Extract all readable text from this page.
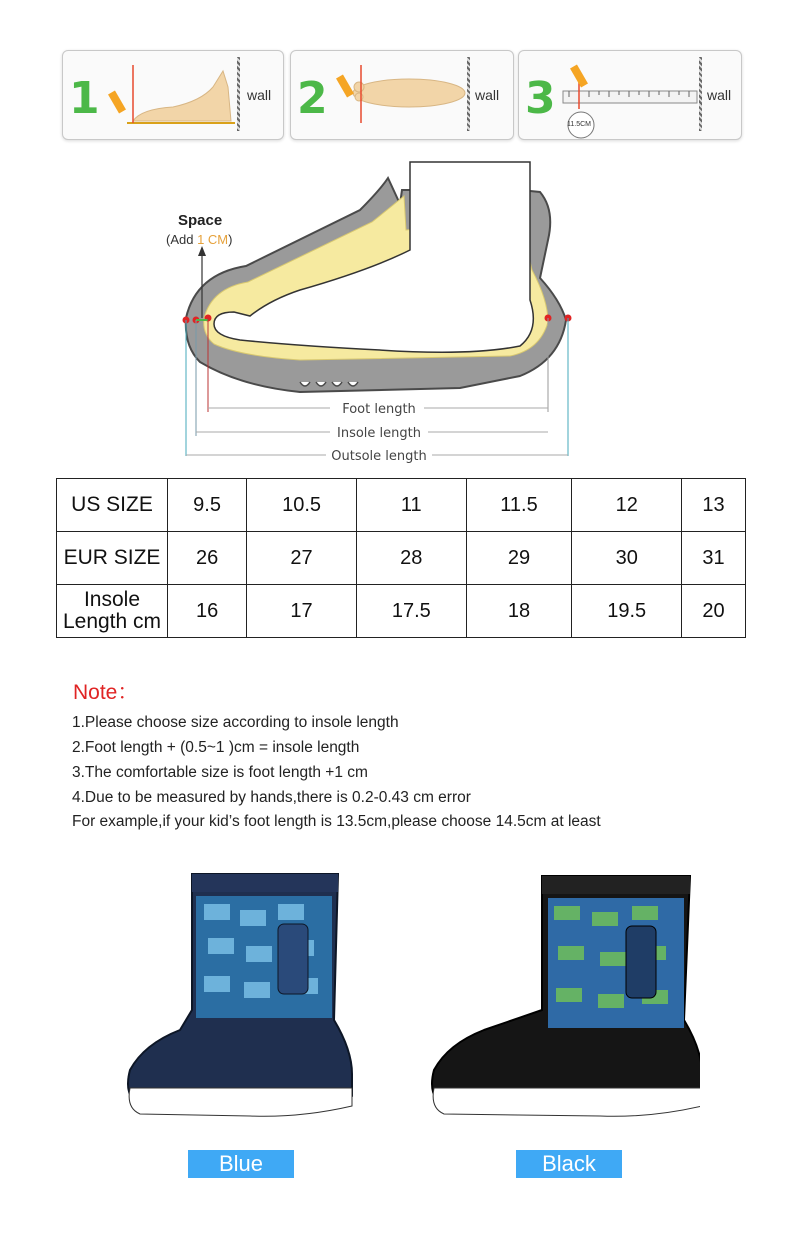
1	wall 2	wall 3
11.5CM
wall
Foot length
Insole length
Outsole length
Space
(Add 1 CM)
US SIZE	9.5	10.5	11	11.5	12	13
EUR SIZE	26	27	28	29	30	31

Insole
Length cm	16	17	17.5	18	19.5	20
Note：
1.Please choose size according to insole length
2.Foot length + (0.5~1 )cm = insole length
3.The comfortable size is foot length +1 cm
4.Due to be measured by hands,there is 0.2-0.43 cm error
For example,if your kid’s foot length is 13.5cm,please choose 14.5cm at least
Blue	Black
